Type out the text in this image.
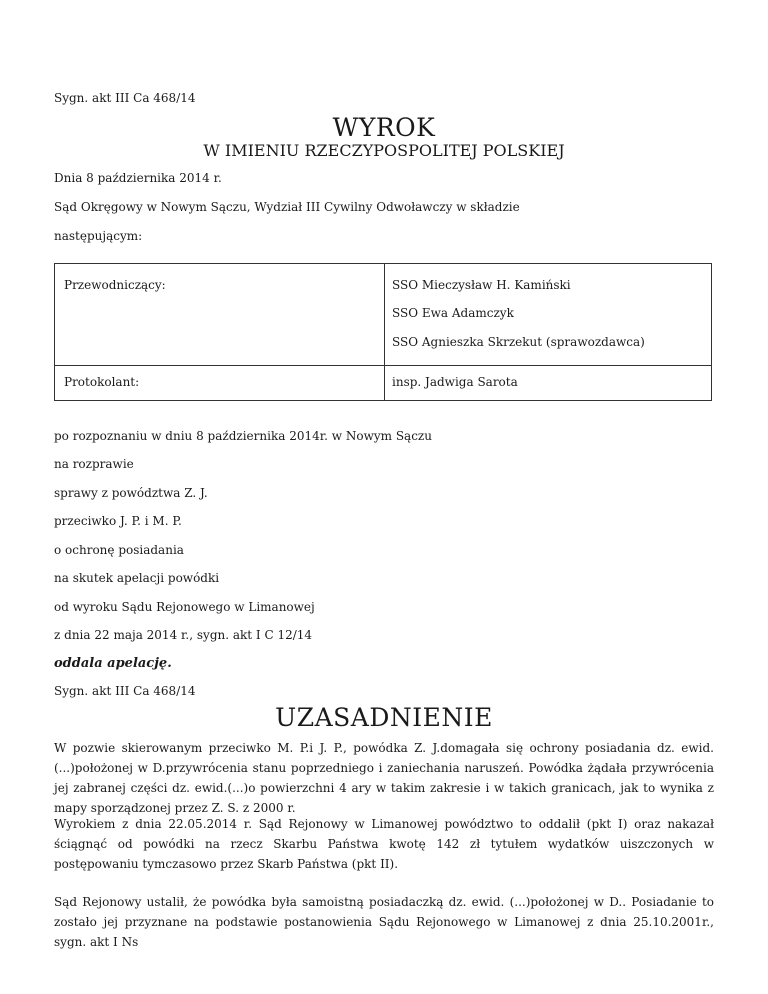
Sygn. akt III Ca 468/14
WYROK
W IMIENIU RZECZYPOSPOLITEJ POLSKIEJ
Dnia 8 października 2014 r.
Sąd Okręgowy w Nowym Sączu, Wydział III Cywilny Odwoławczy w składzie
następującym:
Przewodniczący:	SSO Mieczysław H. Kamiński
SSO Ewa Adamczyk
SSO Agnieszka Skrzekut (sprawozdawca)
Protokolant:	insp. Jadwiga Sarota
po rozpoznaniu w dniu 8 października 2014r. w Nowym Sączu
na rozprawie
sprawy z powództwa Z. J.
przeciwko J. P. i M. P.
o ochronę posiadania
na skutek apelacji powódki
od wyroku Sądu Rejonowego w Limanowej
z dnia 22 maja 2014 r., sygn. akt I C 12/14
oddala apelację.
Sygn. akt III Ca 468/14
UZASADNIENIE
W pozwie skierowanym przeciwko M. P.i J. P., powódka Z. J.domagała się ochrony posiadania dz. ewid. (...)położonej w D.przywrócenia stanu poprzedniego i zaniechania naruszeń. Powódka żądała przywrócenia jej zabranej części dz. ewid.(...)o powierzchni 4 ary w takim zakresie i w takich granicach, jak to wynika z mapy sporządzonej przez Z. S. z 2000 r.
Wyrokiem z dnia 22.05.2014 r. Sąd Rejonowy w Limanowej powództwo to oddalił (pkt I) oraz nakazał ściągnąć od powódki na rzecz Skarbu Państwa kwotę 142 zł tytułem wydatków uiszczonych w postępowaniu tymczasowo przez Skarb Państwa (pkt II).
Sąd Rejonowy ustalił, że powódka była samoistną posiadaczką dz. ewid. (...)położonej w D.. Posiadanie to zostało jej przyznane na podstawie postanowienia Sądu Rejonowego w Limanowej z dnia 25.10.2001r., sygn. akt I Ns
